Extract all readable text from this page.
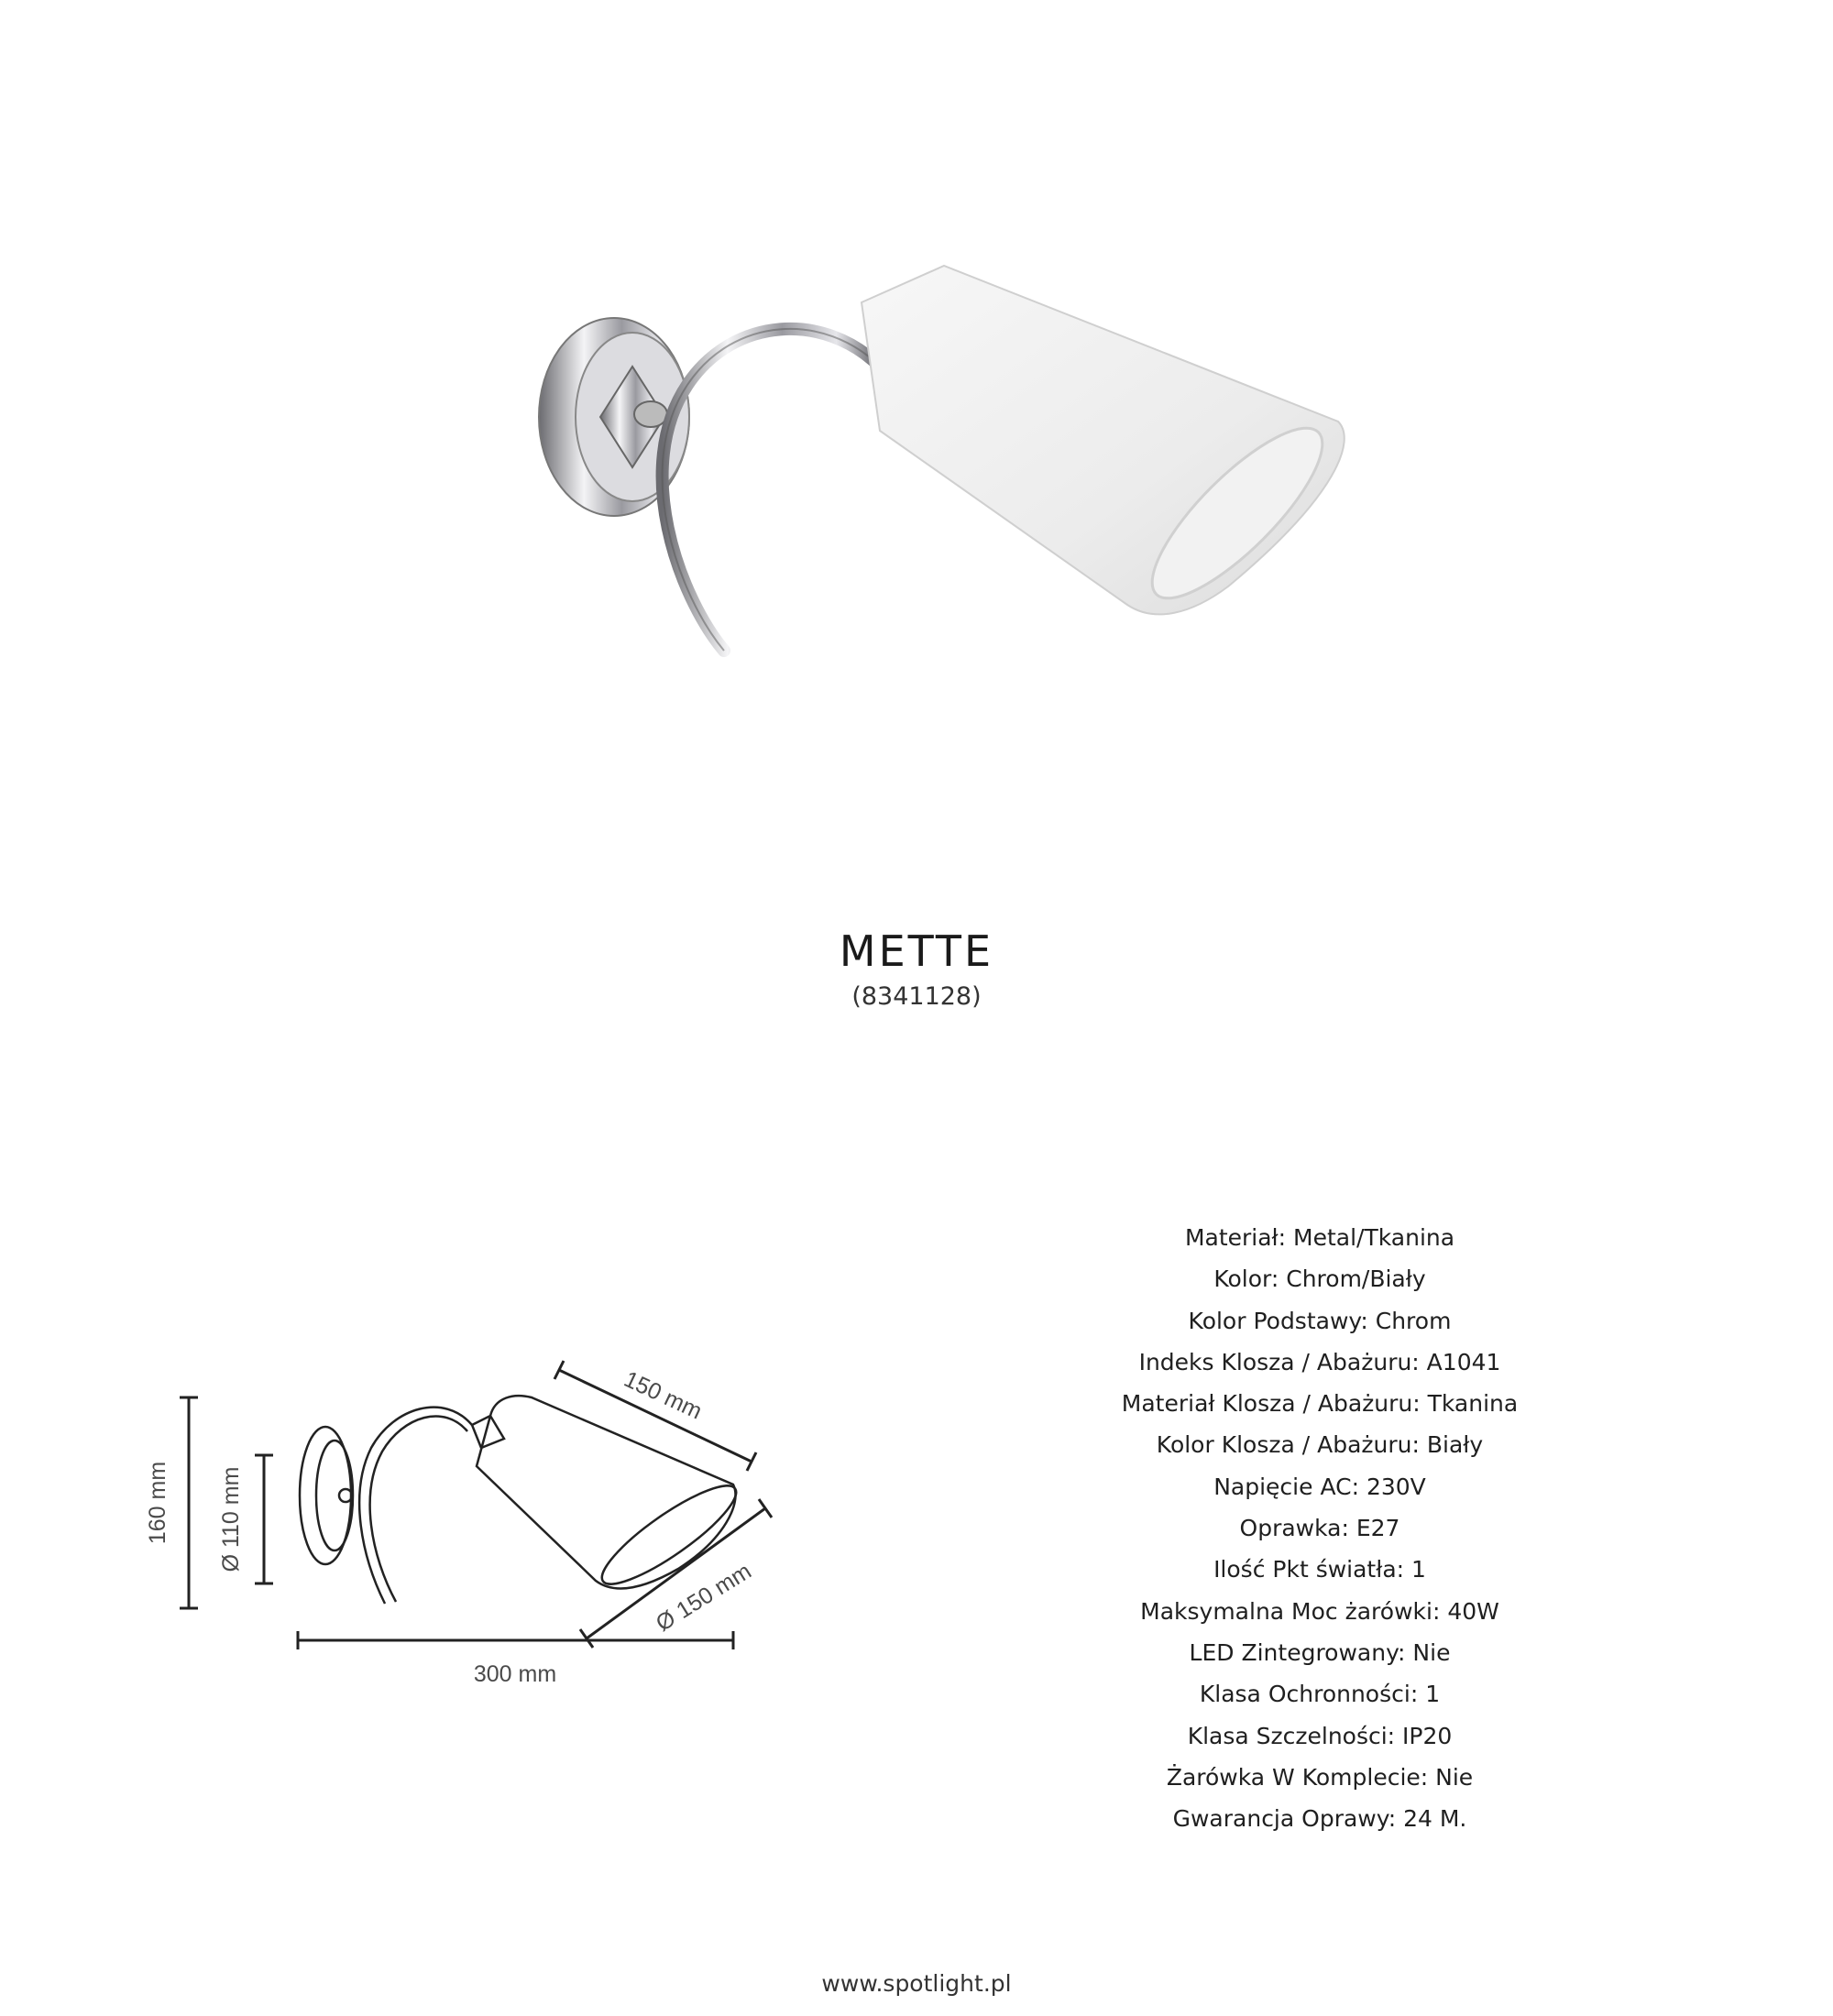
METTE
(8341128)
160 mm Ø 110 mm
150 mm
Ø 150 mm
300 mm
Materiał: Metal/Tkanina
Kolor: Chrom/Biały
Kolor Podstawy: Chrom
Indeks Klosza / Abażuru: A1041
Materiał Klosza / Abażuru: Tkanina
Kolor Klosza / Abażuru: Biały
Napięcie AC: 230V
Oprawka: E27
Ilość Pkt światła: 1
Maksymalna Moc żarówki: 40W
LED Zintegrowany: Nie
Klasa Ochronności: 1
Klasa Szczelności: IP20
Żarówka W Komplecie: Nie
Gwarancja Oprawy: 24 M.
www.spotlight.pl
